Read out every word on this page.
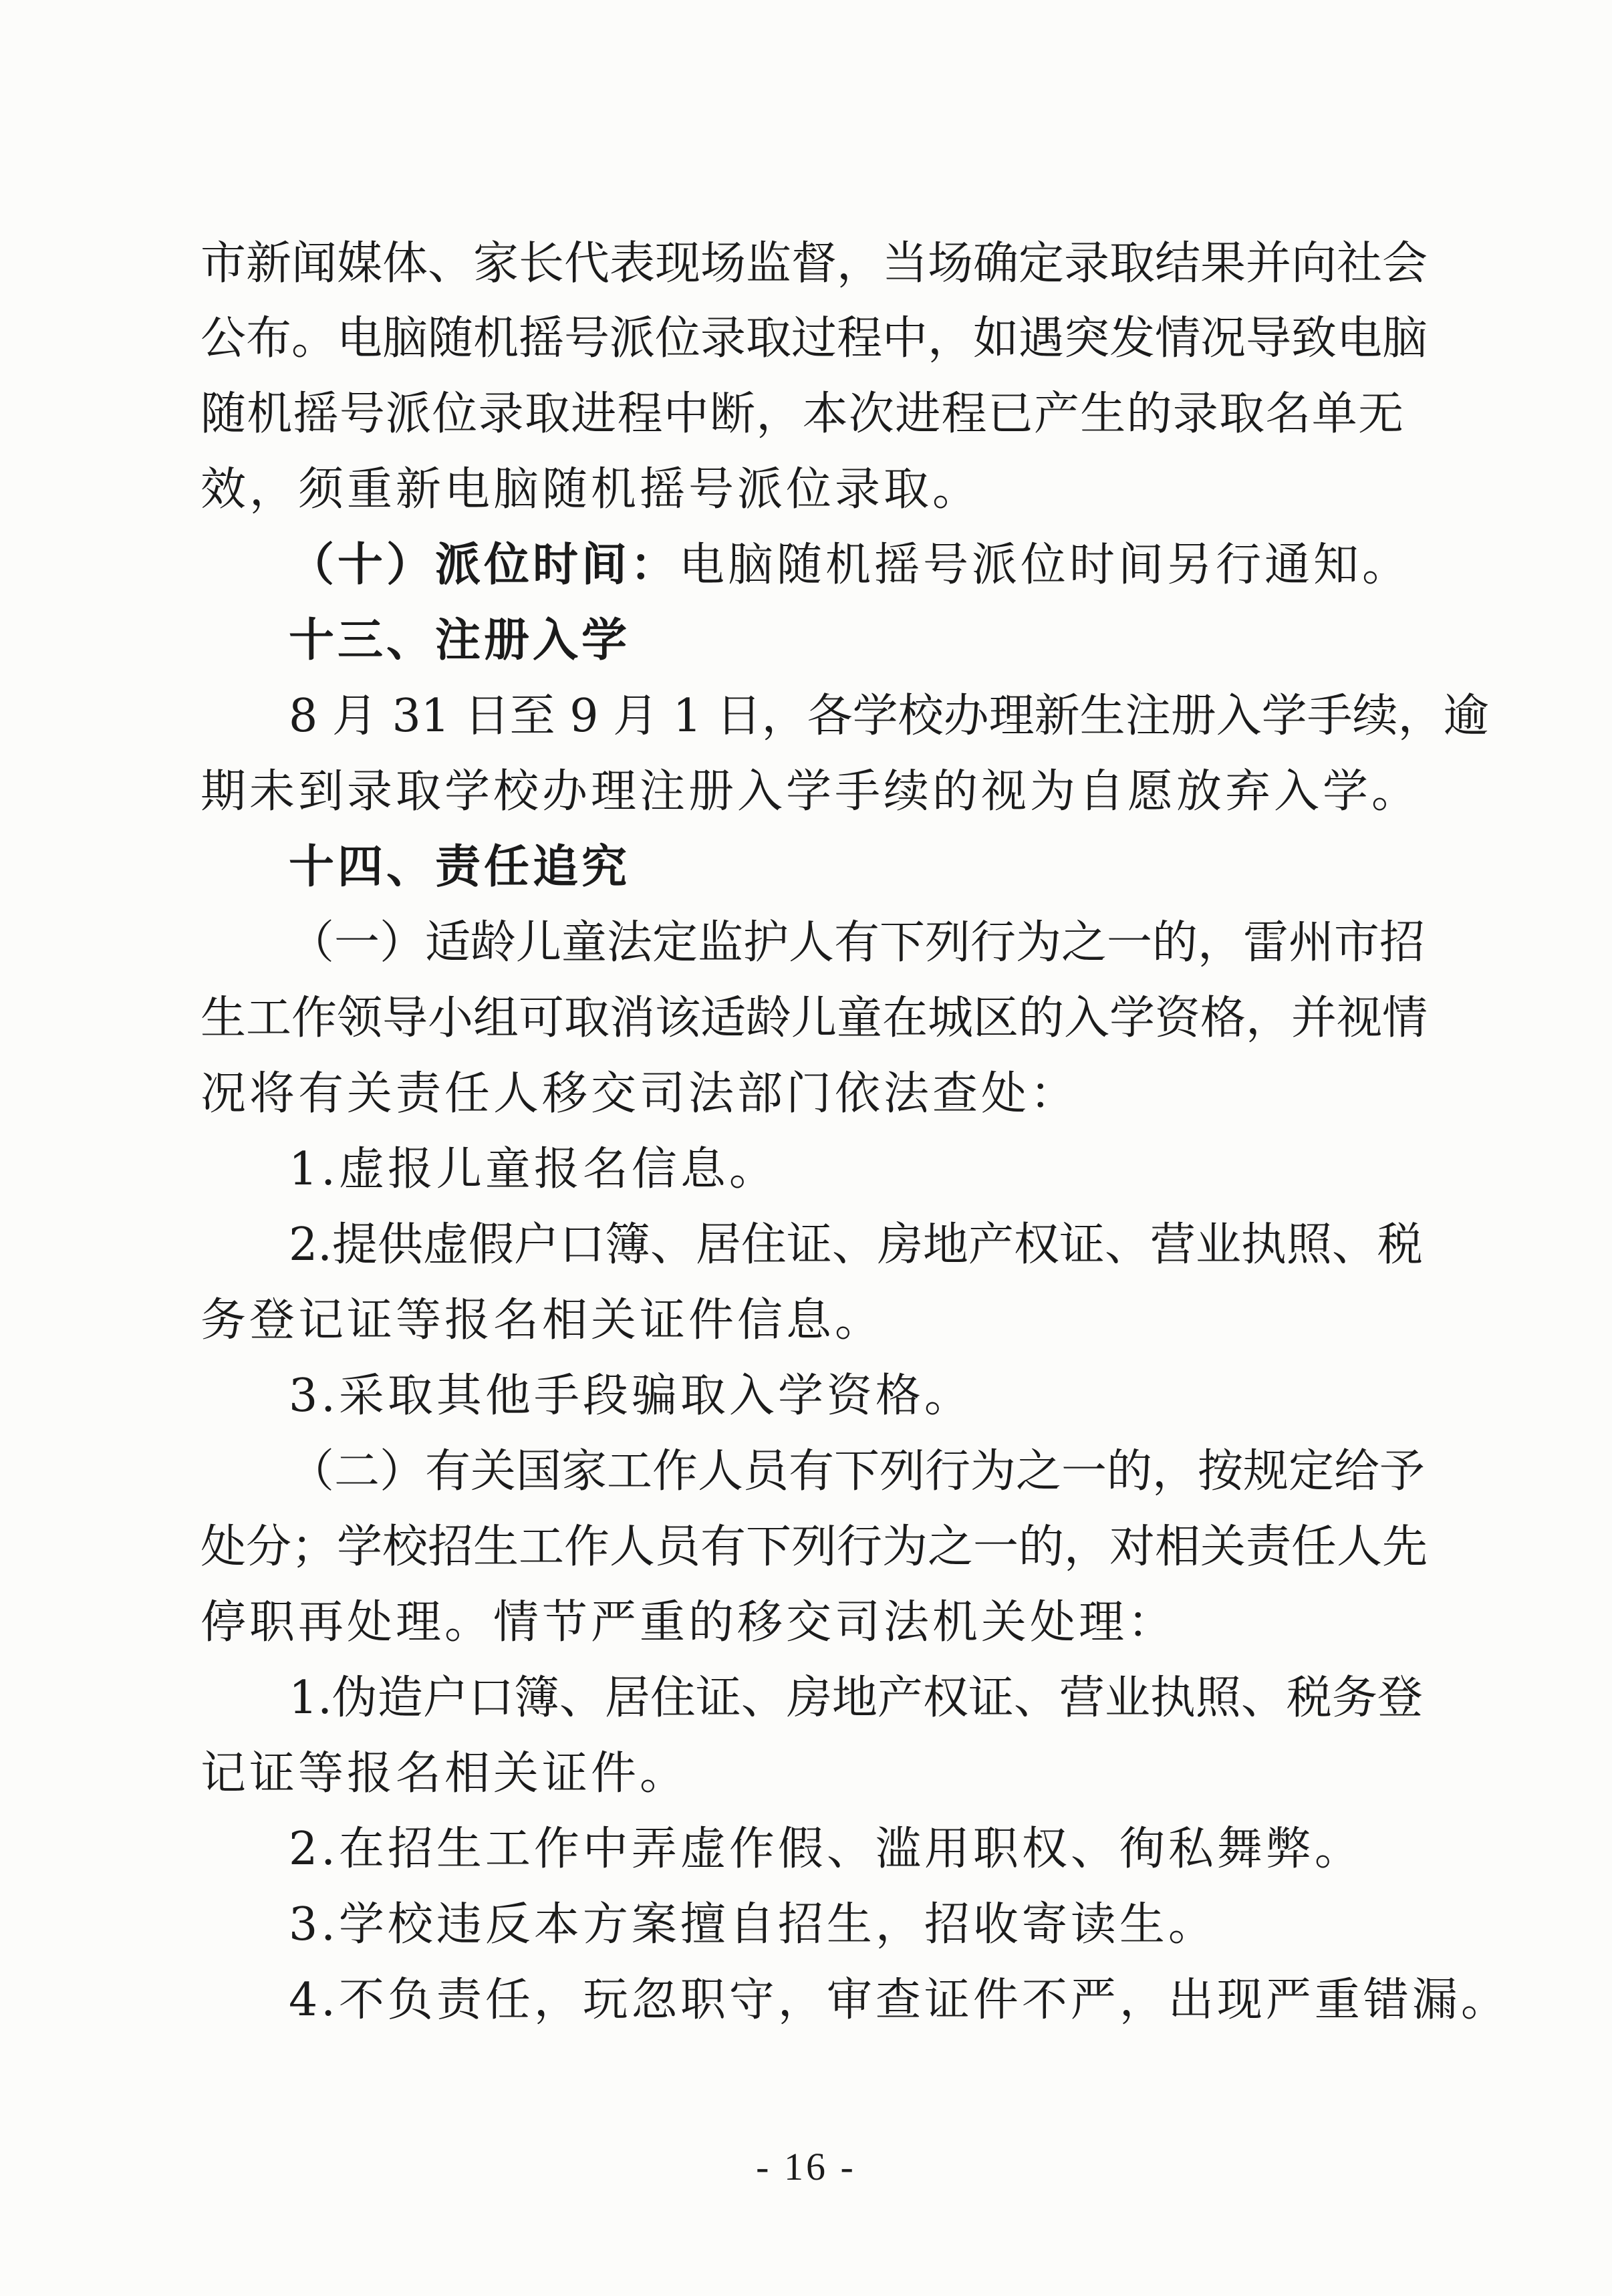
市新闻媒体、家长代表现场监督，当场确定录取结果并向社会
公布。电脑随机摇号派位录取过程中，如遇突发情况导致电脑
随机摇号派位录取进程中断，本次进程已产生的录取名单无
效，须重新电脑随机摇号派位录取。
（十）派位时间：电脑随机摇号派位时间另行通知。
十三、注册入学
8 月 31 日至 9 月 1 日，各学校办理新生注册入学手续，逾
期未到录取学校办理注册入学手续的视为自愿放弃入学。
十四、责任追究
（一）适龄儿童法定监护人有下列行为之一的，雷州市招
生工作领导小组可取消该适龄儿童在城区的入学资格，并视情
况将有关责任人移交司法部门依法查处：
1.虚报儿童报名信息。
2.提供虚假户口簿、居住证、房地产权证、营业执照、税
务登记证等报名相关证件信息。
3.采取其他手段骗取入学资格。
（二）有关国家工作人员有下列行为之一的，按规定给予
处分；学校招生工作人员有下列行为之一的，对相关责任人先
停职再处理。情节严重的移交司法机关处理：
1.伪造户口簿、居住证、房地产权证、营业执照、税务登
记证等报名相关证件。
2.在招生工作中弄虚作假、滥用职权、徇私舞弊。
3.学校违反本方案擅自招生，招收寄读生。
4.不负责任，玩忽职守，审查证件不严，出现严重错漏。
- 16 -
